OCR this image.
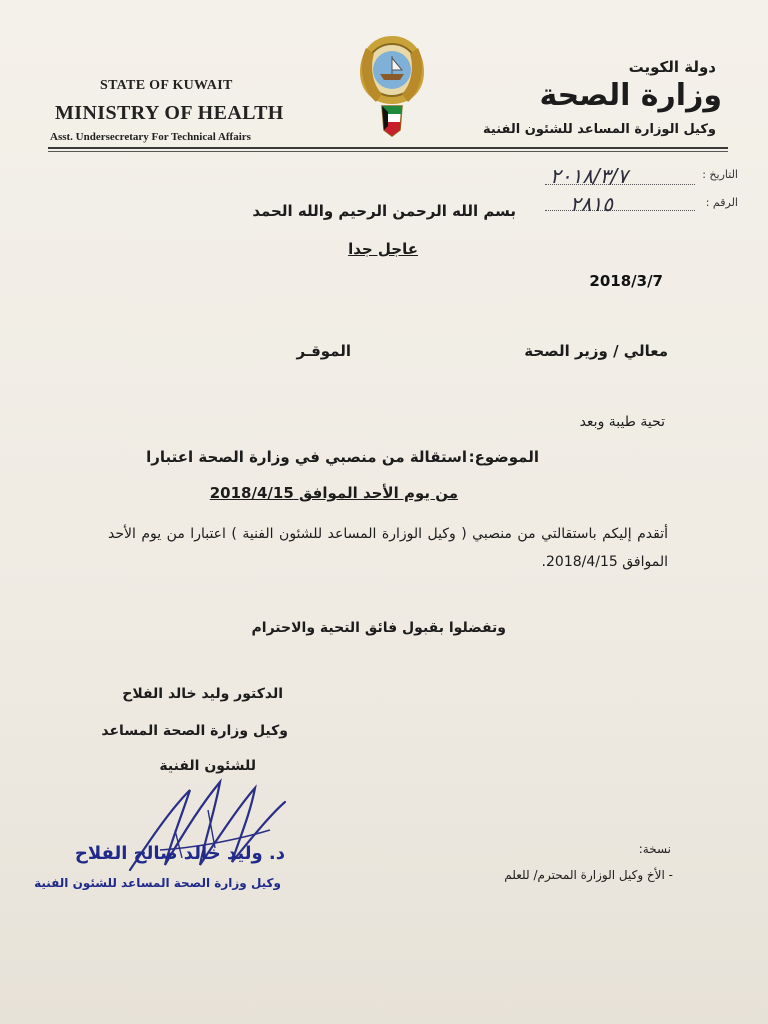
STATE OF KUWAIT
MINISTRY OF HEALTH
Asst. Undersecretary For Technical Affairs
دولة الكويت
وزارة الصحة
وكيل الوزارة المساعد للشئون الفنية
التاريخ :
٢٠١٨/٣/٧
الرقم :
٢٨١٥
بسم الله الرحمن الرحيم والله الحمد
عاجل جدا
2018/3/7
معالي / وزير الصحة
الموقـر
تحية طيبة وبعد
الموضوع:
استقالة من منصبي في وزارة الصحة اعتبارا
من يوم الأحد الموافق 2018/4/15
أتقدم إليكم باستقالتي من منصبي ( وكيل الوزارة المساعد للشئون الفنية ) اعتبارا من يوم الأحد الموافق 2018/4/15.
وتفضلوا بقبول فائق التحية والاحترام
الدكتور وليد خالد الفلاح
وكيل وزارة الصحة المساعد
للشئون الفنية
د. وليد خالد صالح الفلاح
وكيل وزارة الصحة المساعد للشئون الفنية
نسخة:
- الأخ وكيل الوزارة المحترم/ للعلم
